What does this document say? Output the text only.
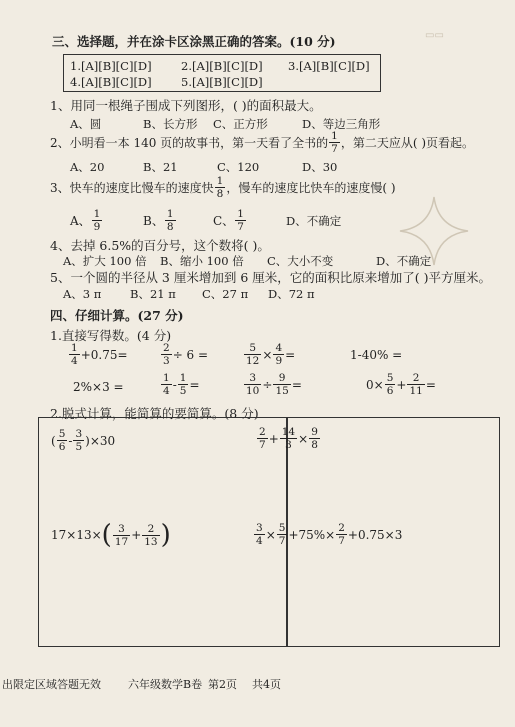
▭▭
三、选择题，并在涂卡区涂黑正确的答案。(10 分)
1.[A][B][C][D]	2.[A][B][C][D] 3.[A][B][C][D]
4.[A][B][C][D]	5.[A][B][C][D]
1、用同一根绳子围成下列图形，( )的面积最大。
A、圆	B、长方形 C、正方形	D、等边三角形
2、小明看一本 140 页的故事书，第一天看了全书的 $\frac{1}{7}$ ，第二天应从( )页看起。
A、20	B、21	C、120	D、30
3、快车的速度比慢车的速度快 $\frac{1}{8}$ ，慢车的速度比快车的速度慢( )
A、 $\frac{1}{9}$	B、 $\frac{1}{8}$	C、 $\frac{1}{7}$	D、不确定
4、去掉 6.5%的百分号，这个数将( )。
A、扩大 100 倍 B、缩小 100 倍 C、大小不变	D、不确定
5、一个圆的半径从 3 厘米增加到 6 厘米，它的面积比原来增加了( )平方厘米。
A、3 π B、21 π C、27 π D、72 π
四、仔细计算。(27 分)
1.直接写得数。(4 分)
$\frac{1}{4} +0.75=$	$\frac{2}{3} \div 6$ =	$\frac{5}{12} \times \frac{4}{9}$ =	1-40% =
2%×3 =	$\frac{1}{4} - \frac{1}{5}$ =	$\frac{3}{10} \div \frac{9}{15}$ =	$0\times \frac{5}{6} + \frac{2}{11}$ =
2.脱式计算，能简算的要简算。(8 分)
( $\frac{5}{6} - \frac{3}{5}$ ) ×30	$\frac{2}{7} + \frac{14}{3} \times \frac{9}{8}$
17×13× ( $\frac{3}{17} + \frac{2}{13}$ )	$\frac{3}{4} \times \frac{5}{7} +75\%\times \frac{2}{7} +0.75\times 3$
出限定区域答题无效 六年级数学B卷 第2页 共4页
